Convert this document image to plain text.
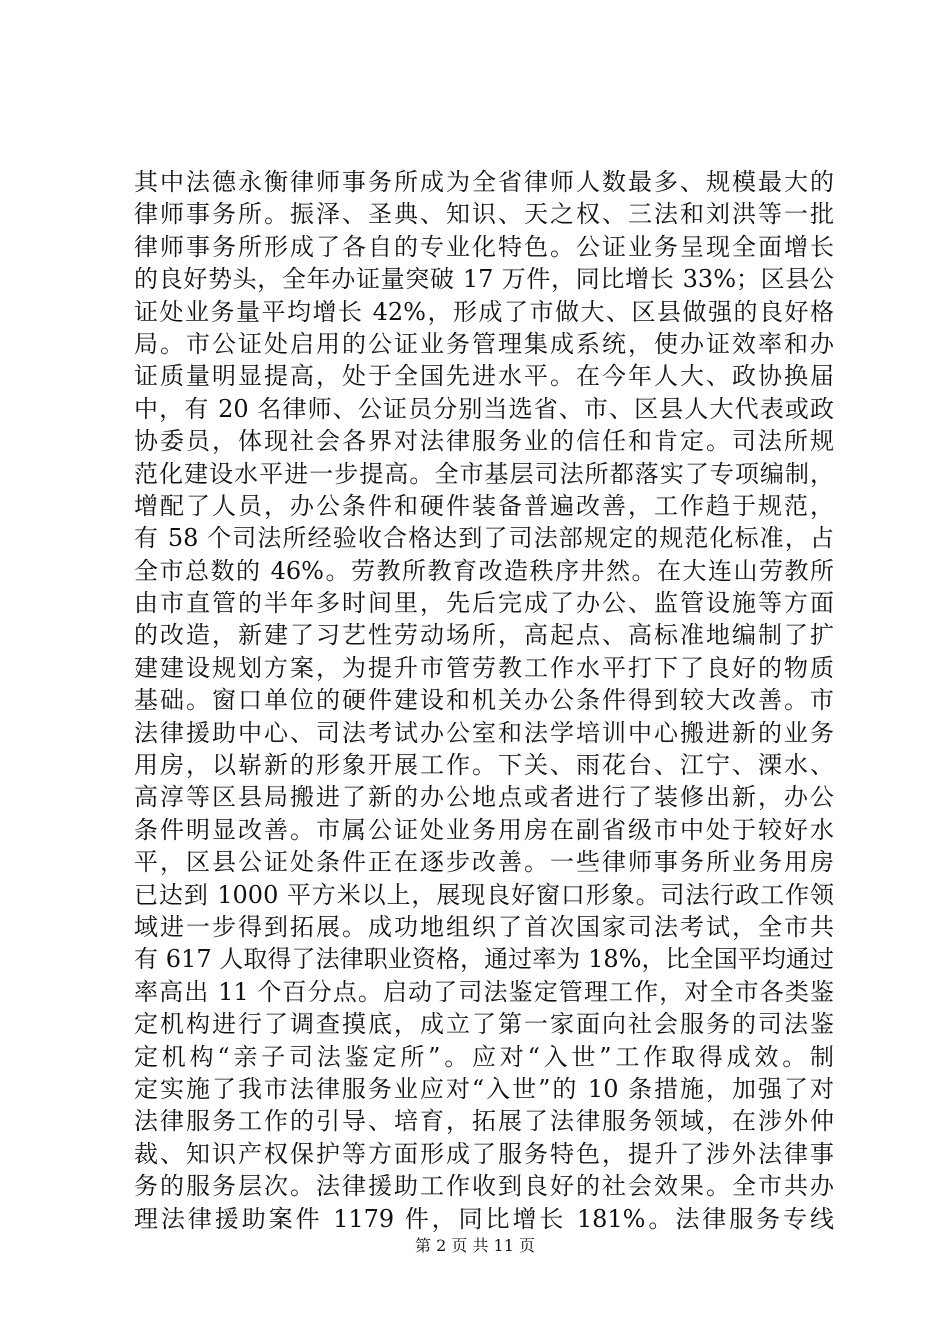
其中法德永衡律师事务所成为全省律师人数最多、规模最大的
律师事务所。振泽、圣典、知识、天之权、三法和刘洪等一批
律师事务所形成了各自的专业化特色。公证业务呈现全面增长
的良好势头，全年办证量突破 17 万件，同比增长 33%；区县公
证处业务量平均增长 42%，形成了市做大、区县做强的良好格
局。市公证处启用的公证业务管理集成系统，使办证效率和办
证质量明显提高，处于全国先进水平。在今年人大、政协换届
中，有 20 名律师、公证员分别当选省、市、区县人大代表或政
协委员，体现社会各界对法律服务业的信任和肯定。司法所规
范化建设水平进一步提高。全市基层司法所都落实了专项编制，
增配了人员，办公条件和硬件装备普遍改善，工作趋于规范，
有 58 个司法所经验收合格达到了司法部规定的规范化标准，占
全市总数的 46%。劳教所教育改造秩序井然。在大连山劳教所
由市直管的半年多时间里，先后完成了办公、监管设施等方面
的改造，新建了习艺性劳动场所，高起点、高标准地编制了扩
建建设规划方案，为提升市管劳教工作水平打下了良好的物质
基础。窗口单位的硬件建设和机关办公条件得到较大改善。市
法律援助中心、司法考试办公室和法学培训中心搬进新的业务
用房，以崭新的形象开展工作。下关、雨花台、江宁、溧水、
高淳等区县局搬进了新的办公地点或者进行了装修出新，办公
条件明显改善。市属公证处业务用房在副省级市中处于较好水
平，区县公证处条件正在逐步改善。一些律师事务所业务用房
已达到 1000 平方米以上，展现良好窗口形象。司法行政工作领
域进一步得到拓展。成功地组织了首次国家司法考试，全市共
有 617 人取得了法律职业资格，通过率为 18%，比全国平均通过
率高出 11 个百分点。启动了司法鉴定管理工作，对全市各类鉴
定机构进行了调查摸底，成立了第一家面向社会服务的司法鉴
定机构“亲子司法鉴定所”。应对“入世”工作取得成效。制
定实施了我市法律服务业应对“入世”的 10 条措施，加强了对
法律服务工作的引导、培育，拓展了法律服务领域，在涉外仲
裁、知识产权保护等方面形成了服务特色，提升了涉外法律事
务的服务层次。法律援助工作收到良好的社会效果。全市共办
理法律援助案件 1179 件，同比增长 181%。法律服务专线
第 2 页 共 11 页
